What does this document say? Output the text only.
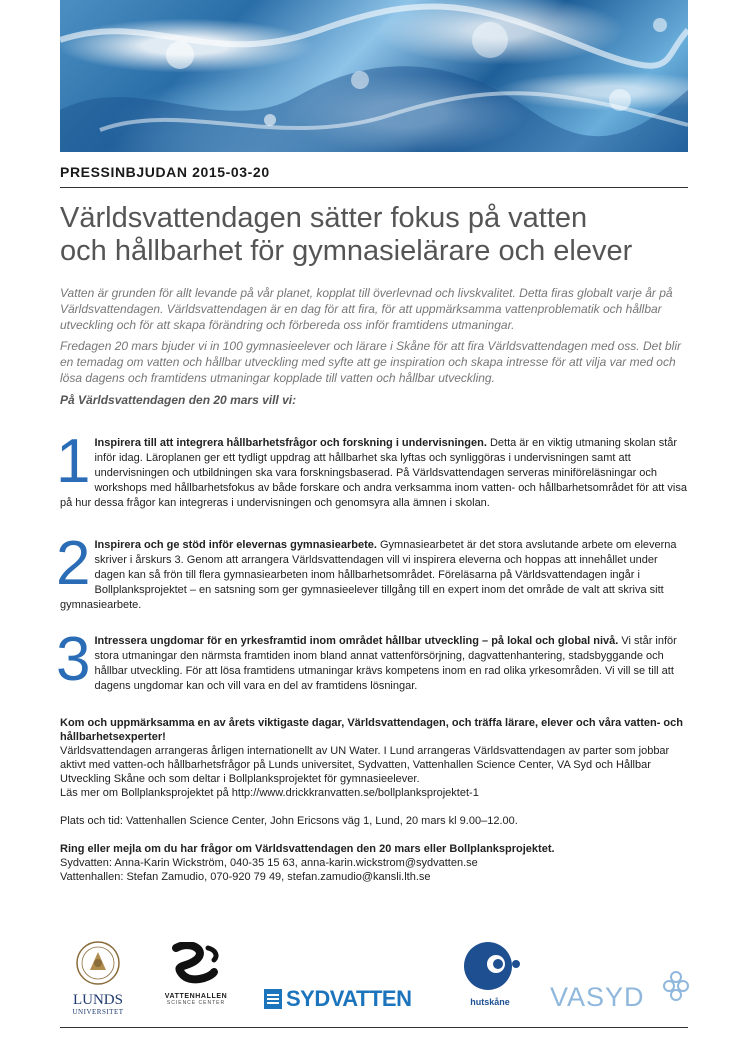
PRESSINBJUDAN 2015-03-20

Världsvattendagen sätter fokus på vatten
och hållbarhet för gymnasielärare och elever

Vatten är grunden för allt levande på vår planet, kopplat till överlevnad och livskvalitet. Detta firas globalt varje år på Världsvattendagen. Världsvattendagen är en dag för att fira, för att uppmärksamma vattenproblematik och hållbar utveckling och för att skapa förändring och förbereda oss inför framtidens utmaningar.

Fredagen 20 mars bjuder vi in 100 gymnasieelever och lärare i Skåne för att fira Världsvattendagen med oss. Det blir en temadag om vatten och hållbar utveckling med syfte att ge inspiration och skapa intresse för att vilja var med och lösa dagens och framtidens utmaningar kopplade till vatten och hållbar utveckling.

På Världsvattendagen den 20 mars vill vi:

1 Inspirera till att integrera hållbarhetsfrågor och forskning i undervisningen. Detta är en viktig utmaning skolan står inför idag. Läroplanen ger ett tydligt uppdrag att hållbarhet ska lyftas och synliggöras i undervisningen samt att undervisningen och utbildningen ska vara forskningsbaserad. På Världsvattendagen serveras miniföreläsningar och workshops med hållbarhetsfokus av både forskare och andra verksamma inom vatten- och hållbarhetsområdet för att visa på hur dessa frågor kan integreras i undervisningen och genomsyra alla ämnen i skolan.
2 Inspirera och ge stöd inför elevernas gymnasiearbete. Gymnasiearbetet är det stora avslutande arbete om eleverna skriver i årskurs 3. Genom att arrangera Världsvattendagen vill vi inspirera eleverna och hoppas att innehållet under dagen kan så frön till flera gymnasiearbeten inom hållbarhetsområdet. Föreläsarna på Världsvattendagen ingår i Bollplanksprojektet – en satsning som ger gymnasieelever tillgång till en expert inom det område de valt att skriva sitt gymnasiearbete.
3 Intressera ungdomar för en yrkesframtid inom området hållbar utveckling – på lokal och global nivå. Vi står inför stora utmaningar den närmsta framtiden inom bland annat vattenförsörjning, dagvattenhantering, stadsbyggande och hållbar utveckling. För att lösa framtidens utmaningar krävs kompetens inom en rad olika yrkesområden. Vi vill se till att dagens ungdomar kan och vill vara en del av framtidens lösningar.

Kom och uppmärksamma en av årets viktigaste dagar, Världsvattendagen, och träffa lärare, elever och våra vatten- och hållbarhetsexperter!
Världsvattendagen arrangeras årligen internationellt av UN Water. I Lund arrangeras Världsvattendagen av parter som jobbar aktivt med vatten-och hållbarhetsfrågor på Lunds universitet, Sydvatten, Vattenhallen Science Center, VA Syd och Hållbar Utveckling Skåne och som deltar i Bollplanksprojektet för gymnasieelever.
Läs mer om Bollplanksprojektet på http://www.drickkranvatten.se/bollplanksprojektet-1

Plats och tid: Vattenhallen Science Center, John Ericsons väg 1, Lund, 20 mars kl 9.00–12.00.

Ring eller mejla om du har frågor om Världsvattendagen den 20 mars eller Bollplanksprojektet.
Sydvatten: Anna-Karin Wickström, 040-35 15 63, anna-karin.wickstrom@sydvatten.se
Vattenhallen: Stefan Zamudio, 070-920 79 49, stefan.zamudio@kansli.lth.se

LUNDS
UNIVERSITET
VATTENHALLEN
SCIENCE CENTER	SYDVATTEN	hutskåne	VASYD
